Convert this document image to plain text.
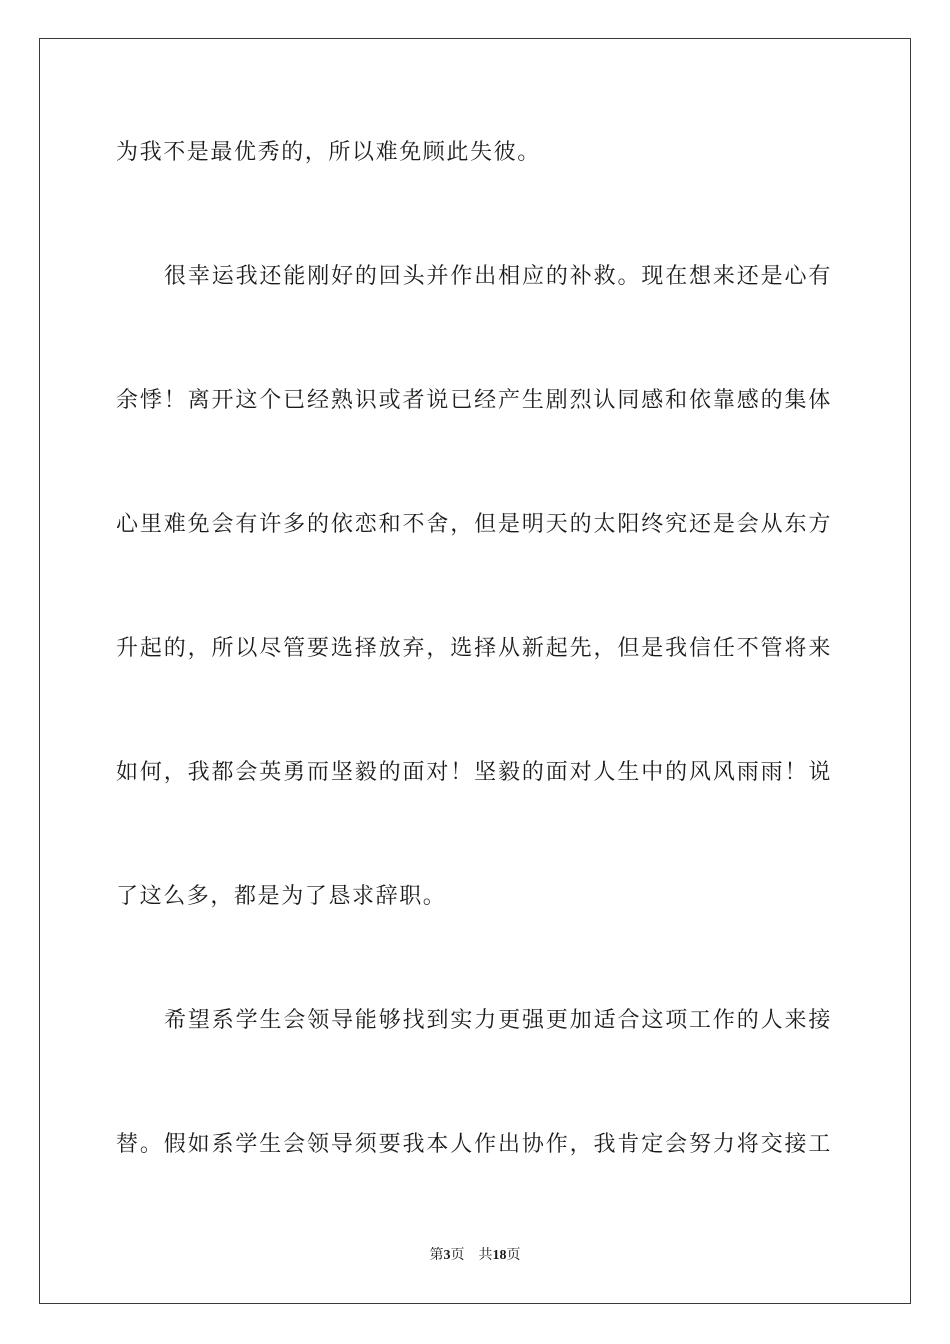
为我不是最优秀的，所以难免顾此失彼。
很幸运我还能刚好的回头并作出相应的补救。现在想来还是心有
余悸！离开这个已经熟识或者说已经产生剧烈认同感和依靠感的集体
心里难免会有许多的依恋和不舍，但是明天的太阳终究还是会从东方
升起的，所以尽管要选择放弃，选择从新起先，但是我信任不管将来
如何，我都会英勇而坚毅的面对！坚毅的面对人生中的风风雨雨！说
了这么多，都是为了恳求辞职。
希望系学生会领导能够找到实力更强更加适合这项工作的人来接
替。假如系学生会领导须要我本人作出协作，我肯定会努力将交接工
第3页 共18页
